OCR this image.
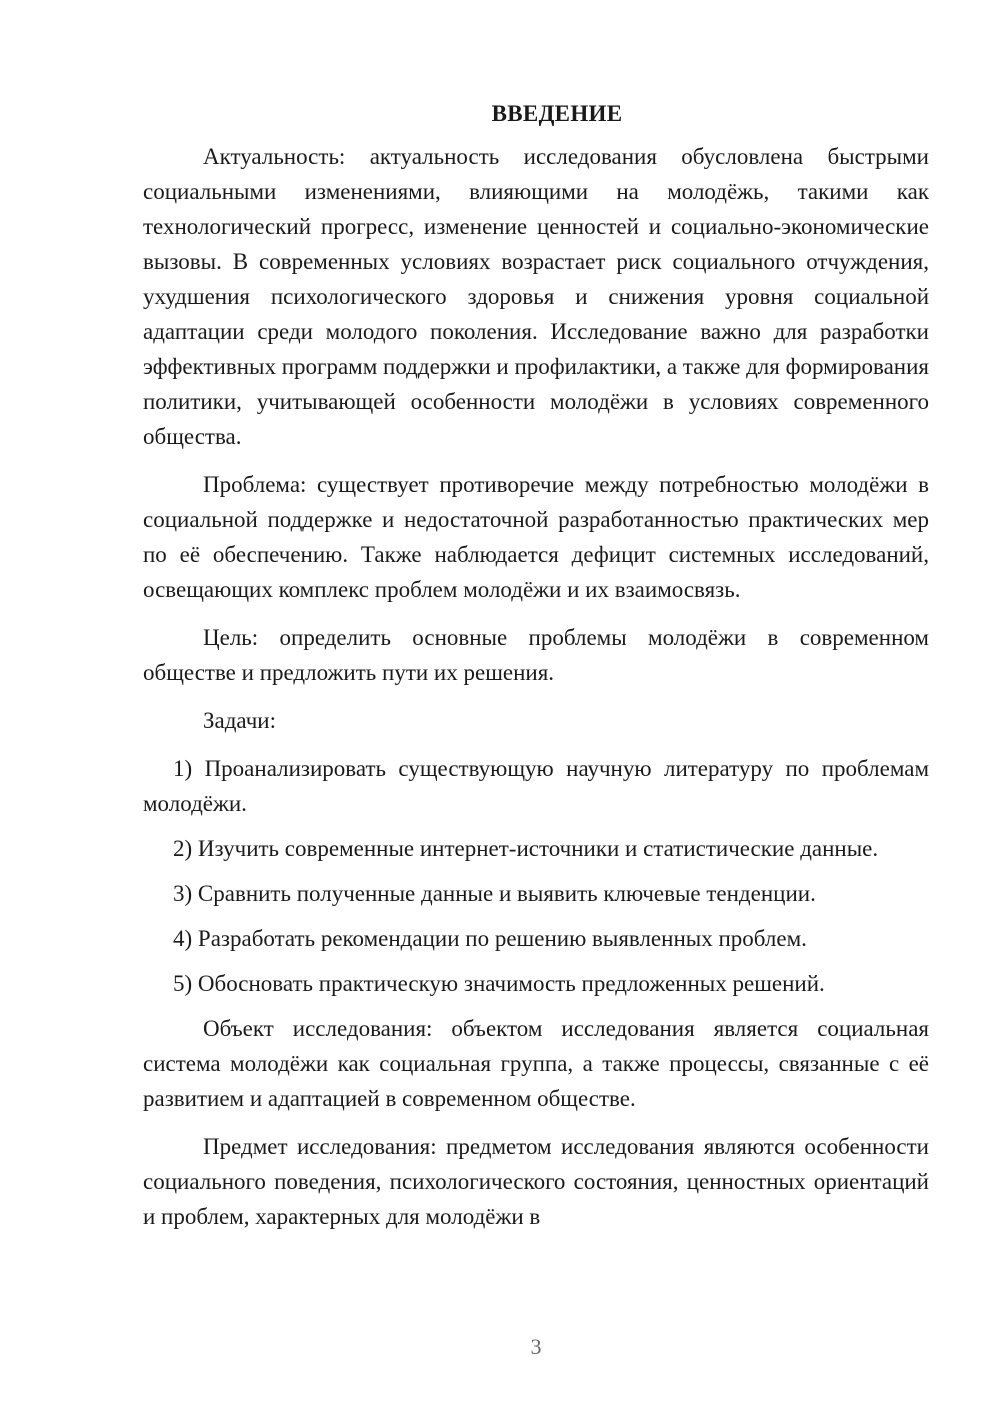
ВВЕДЕНИЕ

Актуальность: актуальность исследования обусловлена быстрыми социальными изменениями, влияющими на молодёжь, такими как технологический прогресс, изменение ценностей и социально-экономические вызовы. В современных условиях возрастает риск социального отчуждения, ухудшения психологического здоровья и снижения уровня социальной адаптации среди молодого поколения. Исследование важно для разработки эффективных программ поддержки и профилактики, а также для формирования политики, учитывающей особенности молодёжи в условиях современного общества.

Проблема: существует противоречие между потребностью молодёжи в социальной поддержке и недостаточной разработанностью практических мер по её обеспечению. Также наблюдается дефицит системных исследований, освещающих комплекс проблем молодёжи и их взаимосвязь.

Цель: определить основные проблемы молодёжи в современном обществе и предложить пути их решения.

Задачи:

1) Проанализировать существующую научную литературу по проблемам молодёжи.

2) Изучить современные интернет-источники и статистические данные.

3) Сравнить полученные данные и выявить ключевые тенденции.

4) Разработать рекомендации по решению выявленных проблем.

5) Обосновать практическую значимость предложенных решений.

Объект исследования: объектом исследования является социальная система молодёжи как социальная группа, а также процессы, связанные с её развитием и адаптацией в современном обществе.

Предмет исследования: предметом исследования являются особенности социального поведения, психологического состояния, ценностных ориентаций и проблем, характерных для молодёжи в

3
